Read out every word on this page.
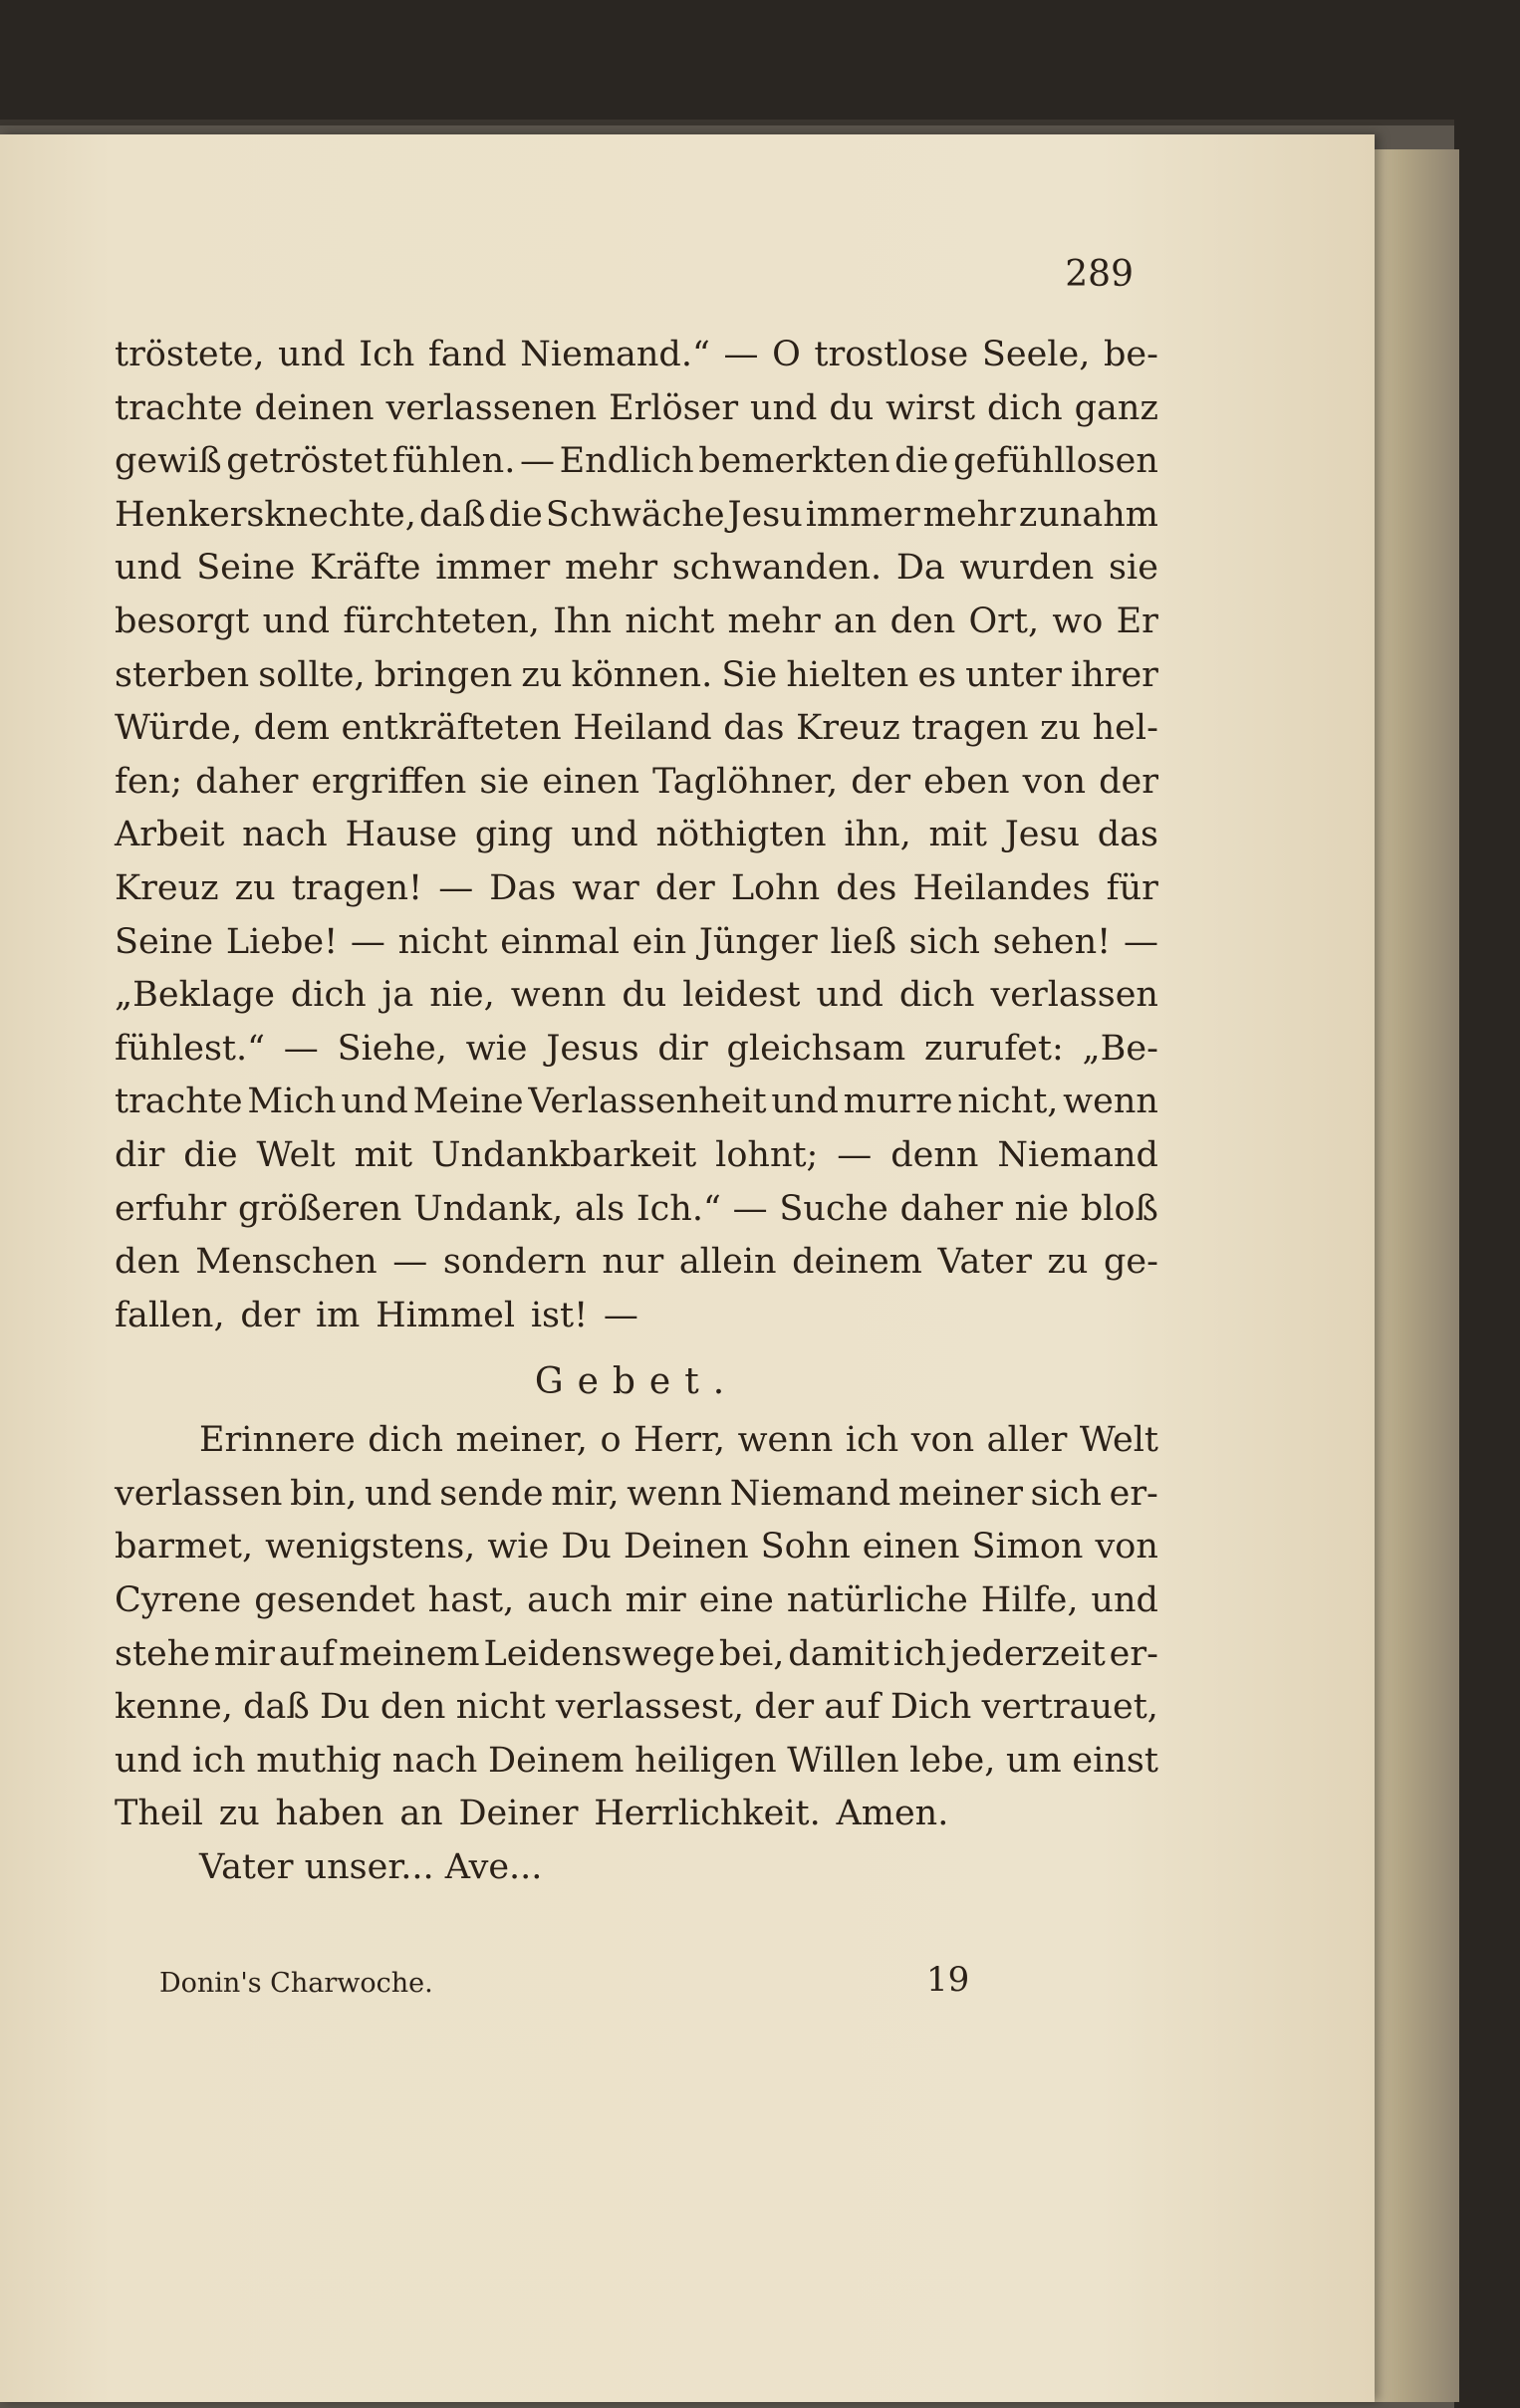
289
tröstete, und Ich fand Niemand.“ — O trostlose Seele, be-
trachte deinen verlassenen Erlöser und du wirst dich ganz
gewiß getröstet fühlen. — Endlich bemerkten die gefühllosen
Henkersknechte, daß die Schwäche Jesu immer mehr zunahm
und Seine Kräfte immer mehr schwanden. Da wurden sie
besorgt und fürchteten, Ihn nicht mehr an den Ort, wo Er
sterben sollte, bringen zu können. Sie hielten es unter ihrer
Würde, dem entkräfteten Heiland das Kreuz tragen zu hel-
fen; daher ergriffen sie einen Taglöhner, der eben von der
Arbeit nach Hause ging und nöthigten ihn, mit Jesu das
Kreuz zu tragen! — Das war der Lohn des Heilandes für
Seine Liebe! — nicht einmal ein Jünger ließ sich sehen! —
„Beklage dich ja nie, wenn du leidest und dich verlassen
fühlest.“ — Siehe, wie Jesus dir gleichsam zurufet: „Be-
trachte Mich und Meine Verlassenheit und murre nicht, wenn
dir die Welt mit Undankbarkeit lohnt; — denn Niemand
erfuhr größeren Undank, als Ich.“ — Suche daher nie bloß
den Menschen — sondern nur allein deinem Vater zu ge-
fallen, der im Himmel ist! —
Gebet.
Erinnere dich meiner, o Herr, wenn ich von aller Welt
verlassen bin, und sende mir, wenn Niemand meiner sich er-
barmet, wenigstens, wie Du Deinen Sohn einen Simon von
Cyrene gesendet hast, auch mir eine natürliche Hilfe, und
stehe mir auf meinem Leidenswege bei, damit ich jederzeit er-
kenne, daß Du den nicht verlassest, der auf Dich vertrauet,
und ich muthig nach Deinem heiligen Willen lebe, um einst
Theil zu haben an Deiner Herrlichkeit. Amen.
Vater unser... Ave...
Donin's Charwoche.	19
